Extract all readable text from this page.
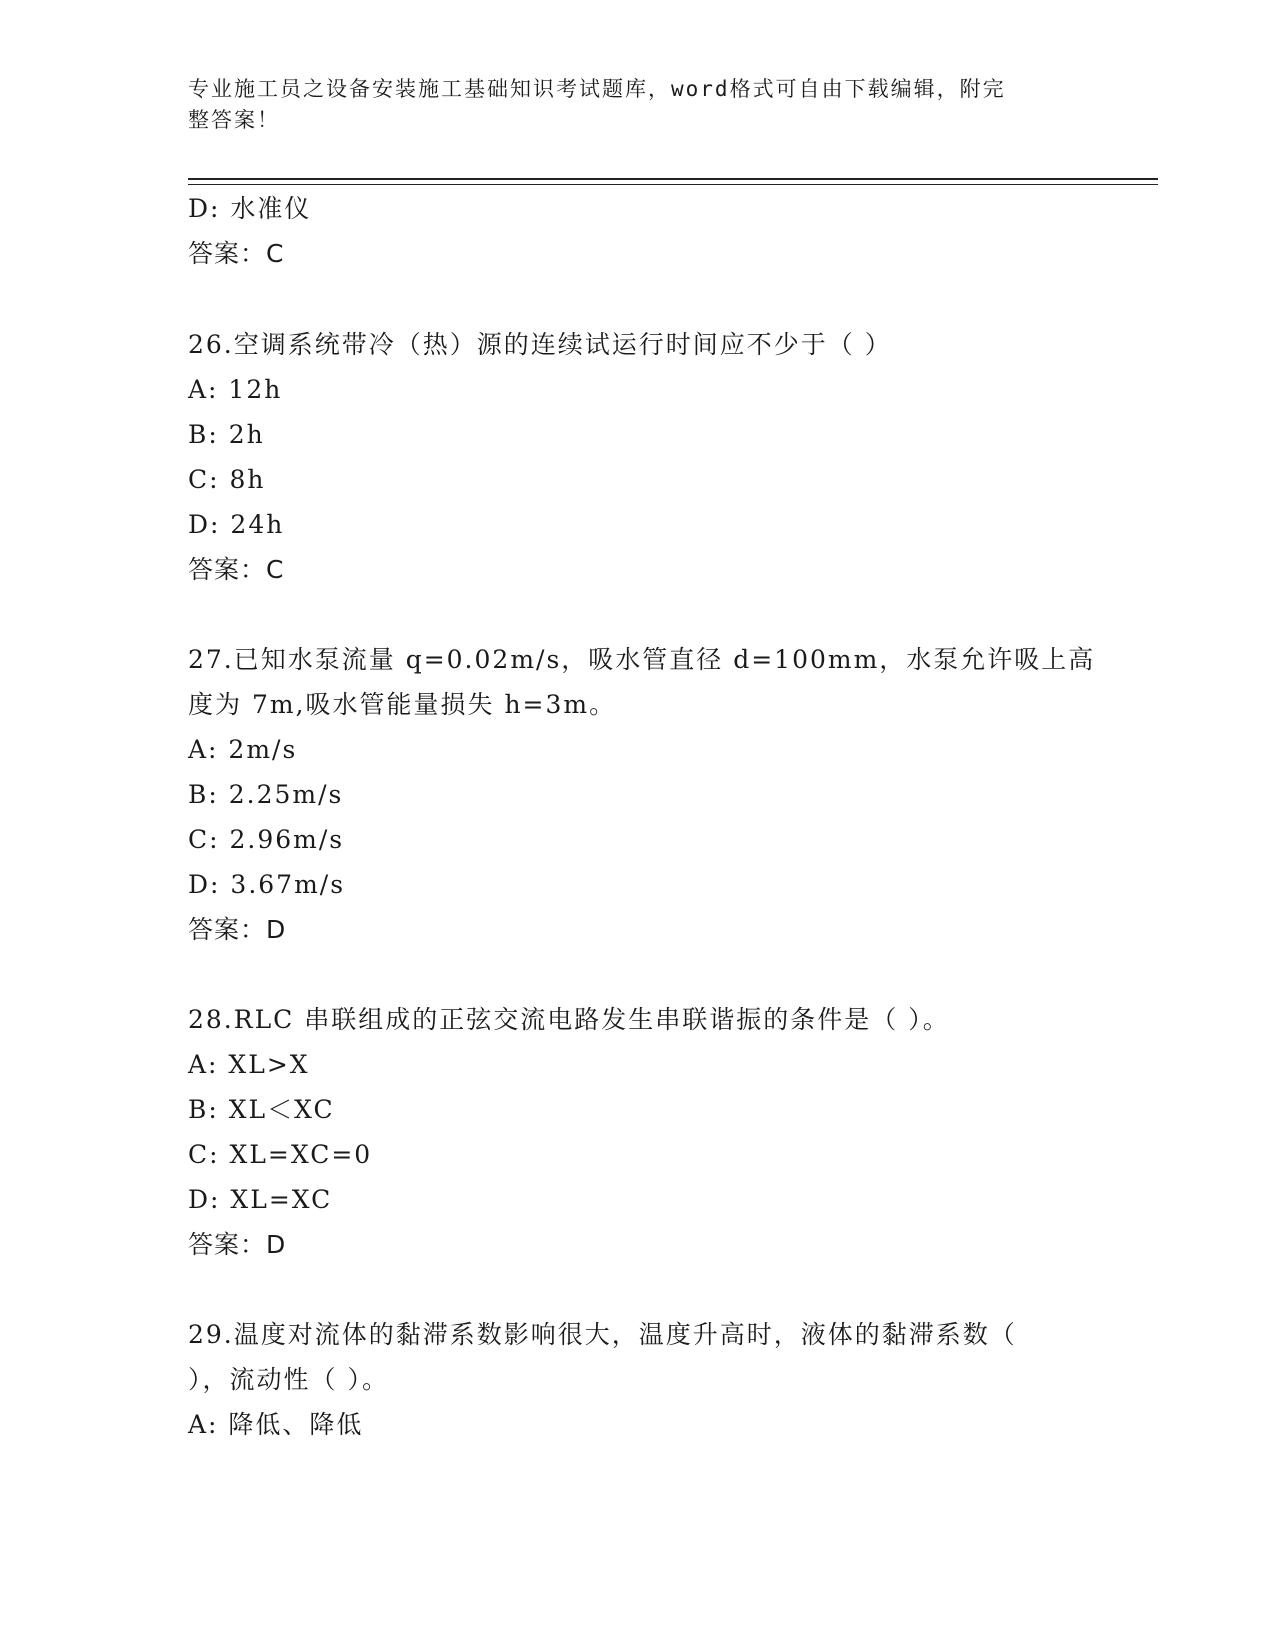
专业施工员之设备安装施工基础知识考试题库，word格式可自由下载编辑，附完
整答案！
D: 水准仪
答案：C
26.空调系统带冷（热）源的连续试运行时间应不少于（ ）
A: 12h
B: 2h
C: 8h
D: 24h
答案：C
27.已知水泵流量 q=0.02m/s，吸水管直径 d=100mm，水泵允许吸上高
度为 7m,吸水管能量损失 h=3m。
A: 2m/s
B: 2.25m/s
C: 2.96m/s
D: 3.67m/s
答案：D
28.RLC 串联组成的正弦交流电路发生串联谐振的条件是（ ）。
A: XL>X
B: XL＜XC
C: XL=XC=0
D: XL=XC
答案：D
29.温度对流体的黏滞系数影响很大，温度升高时，液体的黏滞系数（
），流动性（ ）。
A: 降低、降低
